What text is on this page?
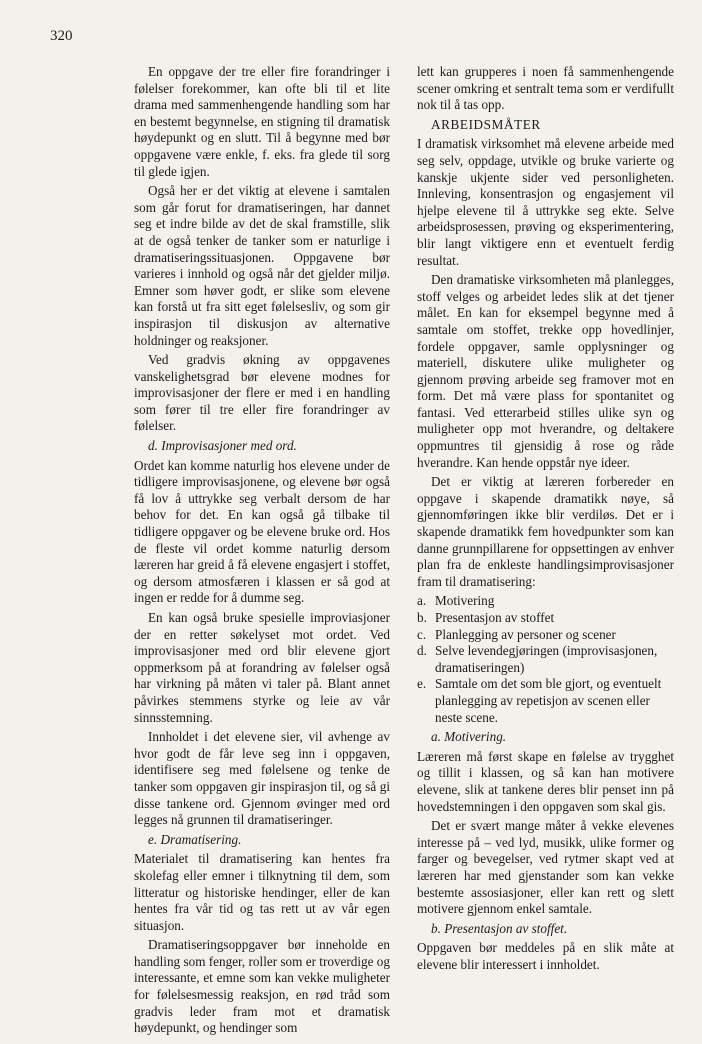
320

En oppgave der tre eller fire forandringer i følelser forekommer, kan ofte bli til et lite drama med sammenhengende handling som har en bestemt begynnelse, en stigning til dramatisk høydepunkt og en slutt. Til å begynne med bør oppgavene være enkle, f. eks. fra glede til sorg til glede igjen.

Også her er det viktig at elevene i samtalen som går forut for dramatiseringen, har dannet seg et indre bilde av det de skal framstille, slik at de også tenker de tanker som er naturlige i dramatiseringssituasjonen. Oppgavene bør varieres i innhold og også når det gjelder miljø. Emner som høver godt, er slike som elevene kan forstå ut fra sitt eget følelsesliv, og som gir inspirasjon til diskusjon av alternative holdninger og reaksjoner.

Ved gradvis økning av oppgavenes vanskelighetsgrad bør elevene modnes for improvisasjoner der flere er med i en handling som fører til tre eller fire forandringer av følelser.

d. Improvisasjoner med ord.

Ordet kan komme naturlig hos elevene under de tidligere improvisasjonene, og elevene bør også få lov å uttrykke seg verbalt dersom de har behov for det. En kan også gå tilbake til tidligere oppgaver og be elevene bruke ord. Hos de fleste vil ordet komme naturlig dersom læreren har greid å få elevene engasjert i stoffet, og dersom atmosfæren i klassen er så god at ingen er redde for å dumme seg.

En kan også bruke spesielle improviasjoner der en retter søkelyset mot ordet. Ved improvisasjoner med ord blir elevene gjort oppmerksom på at forandring av følelser også har virkning på måten vi taler på. Blant annet påvirkes stemmens styrke og leie av vår sinnsstemning.

Innholdet i det elevene sier, vil avhenge av hvor godt de får leve seg inn i oppgaven, identifisere seg med følelsene og tenke de tanker som oppgaven gir inspirasjon til, og så gi disse tankene ord. Gjennom øvinger med ord legges nå grunnen til dramatiseringer.

e. Dramatisering.

Materialet til dramatisering kan hentes fra skolefag eller emner i tilknytning til dem, som litteratur og historiske hendinger, eller de kan hentes fra vår tid og tas rett ut av vår egen situasjon.

Dramatiseringsoppgaver bør inneholde en handling som fenger, roller som er troverdige og interessante, et emne som kan vekke muligheter for følelsesmessig reaksjon, en rød tråd som gradvis leder fram mot et dramatisk høydepunkt, og hendinger som

lett kan grupperes i noen få sammenhengende scener omkring et sentralt tema som er verdifullt nok til å tas opp.

ARBEIDSMÅTER

I dramatisk virksomhet må elevene arbeide med seg selv, oppdage, utvikle og bruke varierte og kanskje ukjente sider ved personligheten. Innleving, konsentrasjon og engasjement vil hjelpe elevene til å uttrykke seg ekte. Selve arbeidsprosessen, prøving og eksperimentering, blir langt viktigere enn et eventuelt ferdig resultat.

Den dramatiske virksomheten må planlegges, stoff velges og arbeidet ledes slik at det tjener målet. En kan for eksempel begynne med å samtale om stoffet, trekke opp hovedlinjer, fordele oppgaver, samle opplysninger og materiell, diskutere ulike muligheter og gjennom prøving arbeide seg framover mot en form. Det må være plass for spontanitet og fantasi. Ved etterarbeid stilles ulike syn og muligheter opp mot hverandre, og deltakere oppmuntres til gjensidig å rose og råde hverandre. Kan hende oppstår nye ideer.

Det er viktig at læreren forbereder en oppgave i skapende dramatikk nøye, så gjennomføringen ikke blir verdiløs. Det er i skapende dramatikk fem hovedpunkter som kan danne grunnpillarene for oppsettingen av enhver plan fra de enkleste handlingsimprovisasjoner fram til dramatisering:

a. Motivering
b. Presentasjon av stoffet
c. Planlegging av personer og scener
d. Selve levendegjøringen (improvisasjonen, dramatiseringen)
e. Samtale om det som ble gjort, og eventuelt planlegging av repetisjon av scenen eller neste scene.

a. Motivering.

Læreren må først skape en følelse av trygghet og tillit i klassen, og så kan han motivere elevene, slik at tankene deres blir penset inn på hovedstemningen i den oppgaven som skal gis.

Det er svært mange måter å vekke elevenes interesse på – ved lyd, musikk, ulike former og farger og bevegelser, ved rytmer skapt ved at læreren har med gjenstander som kan vekke bestemte assosiasjoner, eller kan rett og slett motivere gjennom enkel samtale.

b. Presentasjon av stoffet.

Oppgaven bør meddeles på en slik måte at elevene blir interessert i innholdet.
